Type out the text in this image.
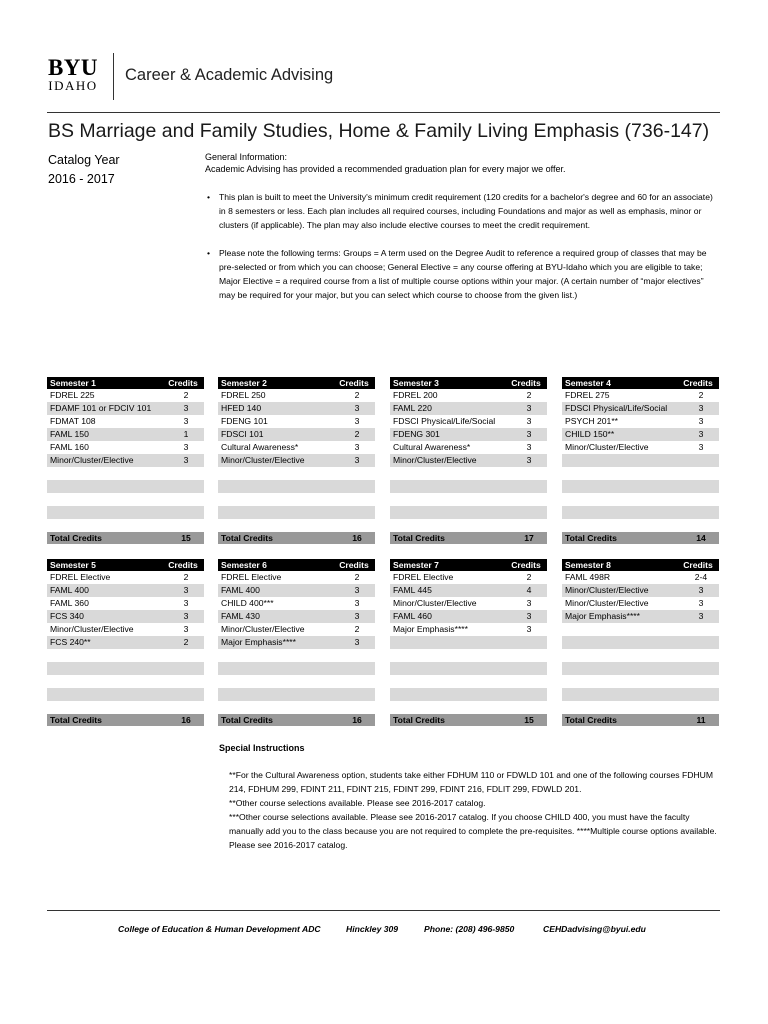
BYU
IDAHO
Career & Academic Advising
BS Marriage and Family Studies, Home & Family Living Emphasis (736-147)
Catalog Year
2016 - 2017
General Information:
Academic Advising has provided a recommended graduation plan for every major we offer.
• This plan is built to meet the University's minimum credit requirement (120 credits for a bachelor's degree and 60 for an associate) in 8 semesters or less. Each plan includes all required courses, including Foundations and major as well as emphasis, minor or clusters (if applicable). The plan may also include elective courses to meet the credit requirement.
• Please note the following terms: Groups = A term used on the Degree Audit to reference a required group of classes that may be pre-selected or from which you can choose; General Elective = any course offering at BYU-Idaho which you are eligible to take; Major Elective = a required course from a list of multiple course options within your major. (A certain number of “major electives” may be required for your major, but you can select which course to choose from the given list.)
Semester 1	Credits
FDREL 225	2
FDAMF 101 or FDCIV 101	3
FDMAT 108	3
FAML 150	1
FAML 160	3
Minor/Cluster/Elective	3
Total Credits	15
Semester 2	Credits
FDREL 250	2
HFED 140	3
FDENG 101	3
FDSCI 101	2
Cultural Awareness*	3
Minor/Cluster/Elective	3
Total Credits	16
Semester 3	Credits
FDREL 200	2
FAML 220	3
FDSCI Physical/Life/Social	3
FDENG 301	3
Cultural Awareness*	3
Minor/Cluster/Elective	3
Total Credits	17
Semester 4	Credits
FDREL 275	2
FDSCI Physical/Life/Social	3
PSYCH 201**	3
CHILD 150**	3
Minor/Cluster/Elective	3
Total Credits	14
Semester 5	Credits
FDREL Elective	2
FAML 400	3
FAML 360	3
FCS 340	3
Minor/Cluster/Elective	3
FCS 240**	2
Total Credits	16
Semester 6	Credits
FDREL Elective	2
FAML 400	3
CHILD 400***	3
FAML 430	3
Minor/Cluster/Elective	2
Major Emphasis****	3
Total Credits	16
Semester 7	Credits
FDREL Elective	2
FAML 445	4
Minor/Cluster/Elective	3
FAML 460	3
Major Emphasis****	3
Total Credits	15
Semester 8	Credits
FAML 498R	2-4
Minor/Cluster/Elective	3
Minor/Cluster/Elective	3
Major Emphasis****	3
Total Credits	11
Special Instructions
**For the Cultural Awareness option, students take either FDHUM 110 or FDWLD 101 and one of the following courses FDHUM 214, FDHUM 299, FDINT 211, FDINT 215, FDINT 299, FDINT 216, FDLIT 299, FDWLD 201.
**Other course selections available. Please see 2016-2017 catalog.
***Other course selections available. Please see 2016-2017 catalog. If you choose CHILD 400, you must have the faculty manually add you to the class because you are not required to complete the pre-requisites. ****Multiple course options available. Please see 2016-2017 catalog.
College of Education & Human Development ADC	Hinckley 309	Phone: (208) 496-9850	CEHDadvising@byui.edu
